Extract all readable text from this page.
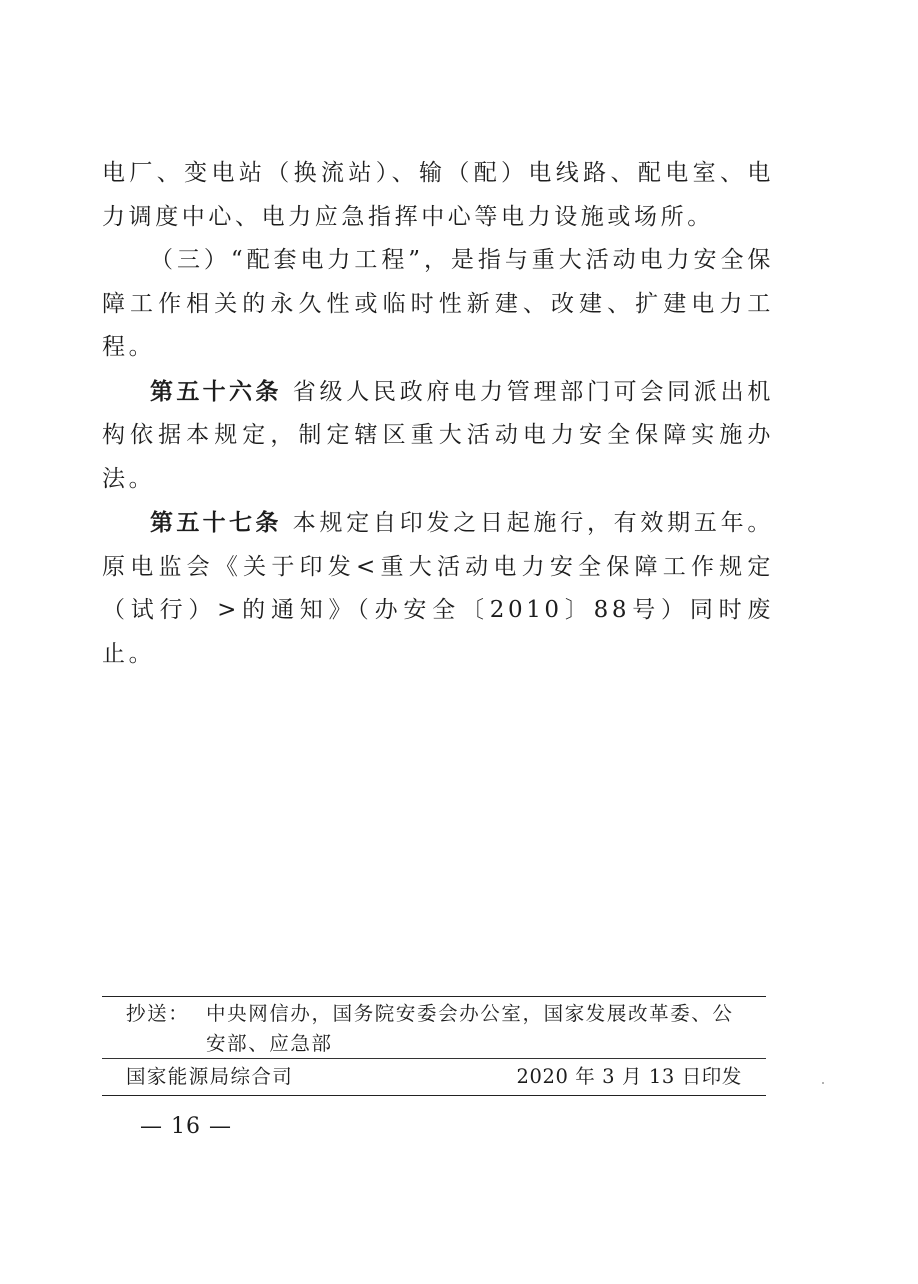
电厂、变电站（换流站）、输（配）电线路、配电室、电力调度中心、电力应急指挥中心等电力设施或场所。

（三）“配套电力工程”，是指与重大活动电力安全保障工作相关的永久性或临时性新建、改建、扩建电力工程。

第五十六条 省级人民政府电力管理部门可会同派出机构依据本规定，制定辖区重大活动电力安全保障实施办法。

第五十七条 本规定自印发之日起施行，有效期五年。原电监会《关于印发<重大活动电力安全保障工作规定（试行）>的通知》（办安全〔2010〕88号）同时废止。

抄送： 中央网信办，国务院安委会办公室，国家发展改革委、公安部、应急部
国家能源局综合司	2020 年 3 月 13 日印发
— 16 —
